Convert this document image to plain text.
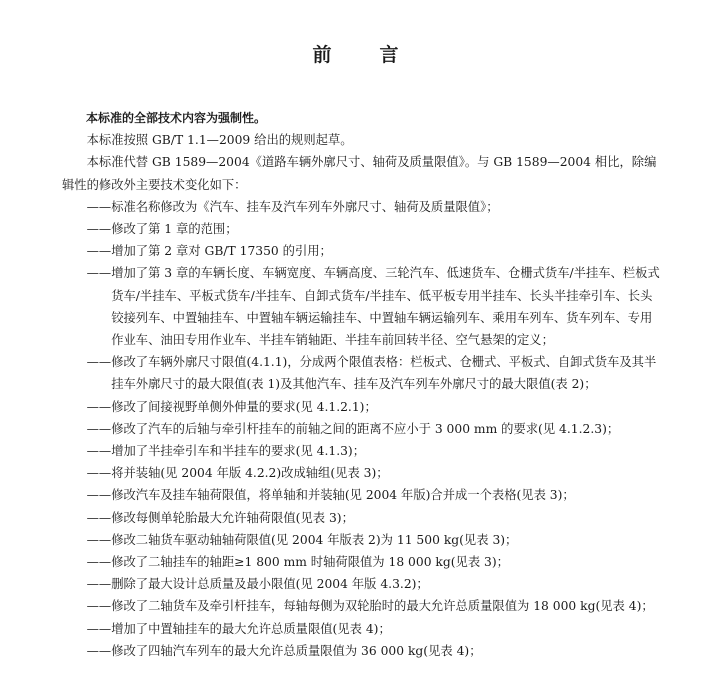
前	言

本标准的全部技术内容为强制性。

本标准按照 GB/T 1.1—2009 给出的规则起草。

本标准代替 GB 1589—2004《道路车辆外廓尺寸、轴荷及质量限值》。与 GB 1589—2004 相比，除编辑性的修改外主要技术变化如下：

——标准名称修改为《汽车、挂车及汽车列车外廓尺寸、轴荷及质量限值》；

——修改了第 1 章的范围；

——增加了第 2 章对 GB/T 17350 的引用；

——增加了第 3 章的车辆长度、车辆宽度、车辆高度、三轮汽车、低速货车、仓栅式货车/半挂车、栏板式货车/半挂车、平板式货车/半挂车、自卸式货车/半挂车、低平板专用半挂车、长头半挂牵引车、长头铰接列车、中置轴挂车、中置轴车辆运输挂车、中置轴车辆运输列车、乘用车列车、货车列车、专用作业车、油田专用作业车、半挂车销轴距、半挂车前回转半径、空气悬架的定义；

——修改了车辆外廓尺寸限值(4.1.1)，分成两个限值表格：栏板式、仓栅式、平板式、自卸式货车及其半挂车外廓尺寸的最大限值(表 1)及其他汽车、挂车及汽车列车外廓尺寸的最大限值(表 2)；

——修改了间接视野单侧外伸量的要求(见 4.1.2.1)；

——修改了汽车的后轴与牵引杆挂车的前轴之间的距离不应小于 3 000 mm 的要求(见 4.1.2.3)；

——增加了半挂牵引车和半挂车的要求(见 4.1.3)；

——将并装轴(见 2004 年版 4.2.2)改成轴组(见表 3)；

——修改汽车及挂车轴荷限值，将单轴和并装轴(见 2004 年版)合并成一个表格(见表 3)；

——修改每侧单轮胎最大允许轴荷限值(见表 3)；

——修改二轴货车驱动轴轴荷限值(见 2004 年版表 2)为 11 500 kg(见表 3)；

——修改了二轴挂车的轴距≥1 800 mm 时轴荷限值为 18 000 kg(见表 3)；

——删除了最大设计总质量及最小限值(见 2004 年版 4.3.2)；

——修改了二轴货车及牵引杆挂车，每轴每侧为双轮胎时的最大允许总质量限值为 18 000 kg(见表 4)；

——增加了中置轴挂车的最大允许总质量限值(见表 4)；

——修改了四轴汽车列车的最大允许总质量限值为 36 000 kg(见表 4)；
